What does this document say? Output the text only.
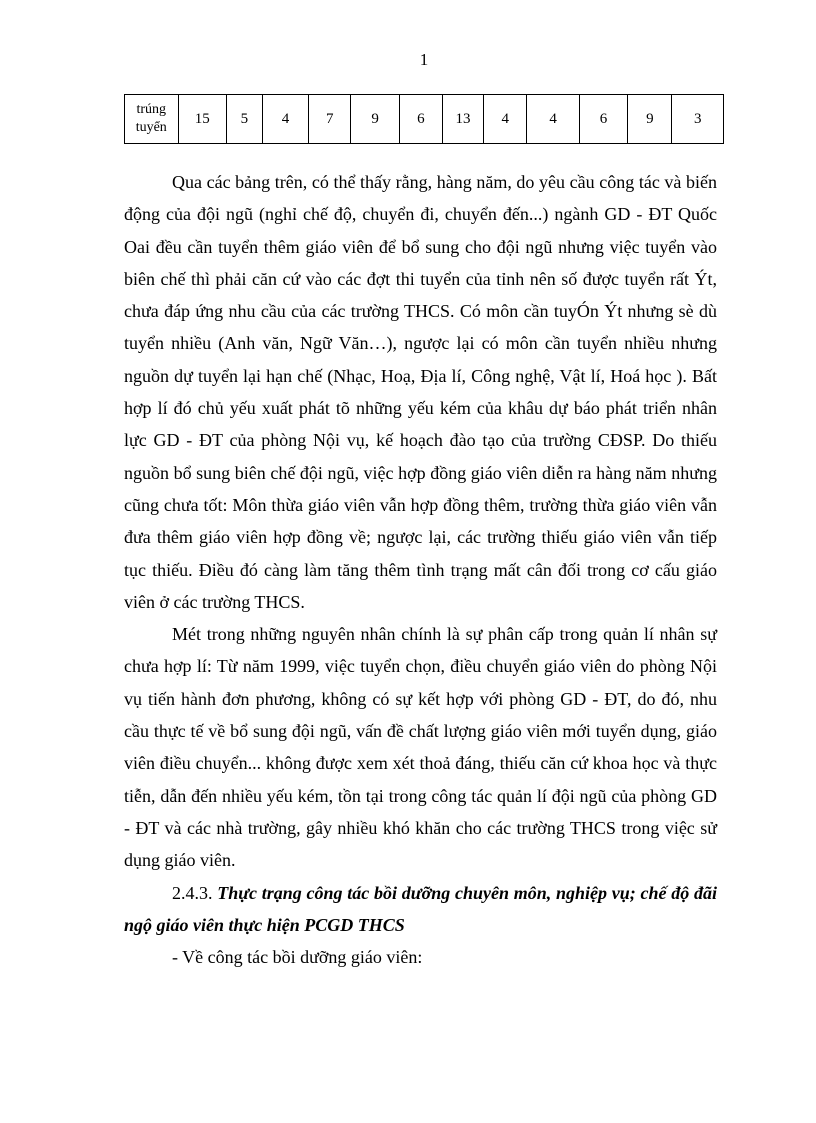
1
trúng
tuyển
	15	5	4	7	9	6	13	4	4	6	9	3

Qua các bảng trên, có thể thấy rằng, hàng năm, do yêu cầu công tác và biến động của đội ngũ (nghỉ chế độ, chuyển đi, chuyển đến...) ngành GD - ĐT Quốc Oai đều cần tuyển thêm giáo viên để bổ sung cho đội ngũ nhưng việc tuyển vào biên chế thì phải căn cứ vào các đợt thi tuyển của tỉnh nên số được tuyển rất Ýt, chưa đáp ứng nhu cầu của các trường THCS. Có môn cần tuyÓn Ýt nhưng sè dù tuyển nhiều (Anh văn, Ngữ Văn…), ngược lại có môn cần tuyển nhiều nhưng nguồn dự tuyển lại hạn chế (Nhạc, Hoạ, Địa lí, Công nghệ, Vật lí, Hoá học ). Bất hợp lí đó chủ yếu xuất phát tõ những yếu kém của khâu dự báo phát triển nhân lực GD - ĐT của phòng Nội vụ, kế hoạch đào tạo của trường CĐSP. Do thiếu nguồn bổ sung biên chế đội ngũ, việc hợp đồng giáo viên diễn ra hàng năm nhưng cũng chưa tốt: Môn thừa giáo viên vẫn hợp đồng thêm, trường thừa giáo viên vẫn đưa thêm giáo viên hợp đồng về; ngược lại, các trường thiếu giáo viên vẫn tiếp tục thiếu. Điều đó càng làm tăng thêm tình trạng mất cân đối trong cơ cấu giáo viên ở các trường THCS.

Mét trong những nguyên nhân chính là sự phân cấp trong quản lí nhân sự chưa hợp lí: Từ năm 1999, việc tuyển chọn, điều chuyển giáo viên do phòng Nội vụ tiến hành đơn phương, không có sự kết hợp với phòng GD - ĐT, do đó, nhu cầu thực tế về bổ sung đội ngũ, vấn đề chất lượng giáo viên mới tuyển dụng, giáo viên điều chuyển... không được xem xét thoả đáng, thiếu căn cứ khoa học và thực tiễn, dẫn đến nhiều yếu kém, tồn tại trong công tác quản lí đội ngũ của phòng GD - ĐT và các nhà trường, gây nhiều khó khăn cho các trường THCS trong việc sử dụng giáo viên.

2.4.3. Thực trạng công tác bồi dưỡng chuyên môn, nghiệp vụ; chế độ đãi ngộ giáo viên thực hiện PCGD THCS

- Về công tác bồi dưỡng giáo viên:
